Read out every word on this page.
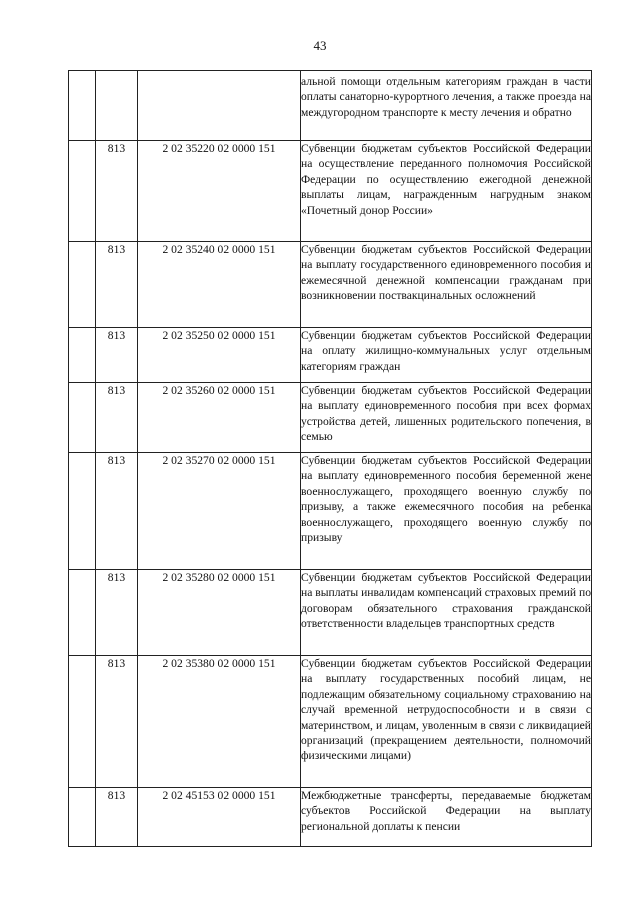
43
			альной помощи отдельным категориям граждан в части оплаты санаторно-курортного лечения, а также проезда на междугородном транспорте к месту лечения и обратно
	813	2 02 35220 02 0000 151	Субвенции бюджетам субъектов Российской Федерации на осуществление переданного полномочия Российской Федерации по осуществлению ежегодной денежной выплаты лицам, награжденным нагрудным знаком «Почетный донор России»
	813	2 02 35240 02 0000 151	Субвенции бюджетам субъектов Российской Федерации на выплату государственного единовременного пособия и ежемесячной денежной компенсации гражданам при возникновении поствакцинальных осложнений
	813	2 02 35250 02 0000 151	Субвенции бюджетам субъектов Российской Федерации на оплату жилищно-коммунальных услуг отдельным категориям граждан
	813	2 02 35260 02 0000 151	Субвенции бюджетам субъектов Российской Федерации на выплату единовременного пособия при всех формах устройства детей, лишенных родительского попечения, в семью
	813	2 02 35270 02 0000 151	Субвенции бюджетам субъектов Российской Федерации на выплату единовременного пособия беременной жене военнослужащего, проходящего военную службу по призыву, а также ежемесячного пособия на ребенка военнослужащего, проходящего военную службу по призыву
	813	2 02 35280 02 0000 151	Субвенции бюджетам субъектов Российской Федерации на выплаты инвалидам компенсаций страховых премий по договорам обязательного страхования гражданской ответственности владельцев транспортных средств
	813	2 02 35380 02 0000 151	Субвенции бюджетам субъектов Российской Федерации на выплату государственных пособий лицам, не подлежащим обязательному социальному страхованию на случай временной нетрудоспособности и в связи с материнством, и лицам, уволенным в связи с ликвидацией организаций (прекращением деятельности, полномочий физическими лицами)
	813	2 02 45153 02 0000 151	Межбюджетные трансферты, передаваемые бюджетам субъектов Российской Федерации на выплату региональной доплаты к пенсии
